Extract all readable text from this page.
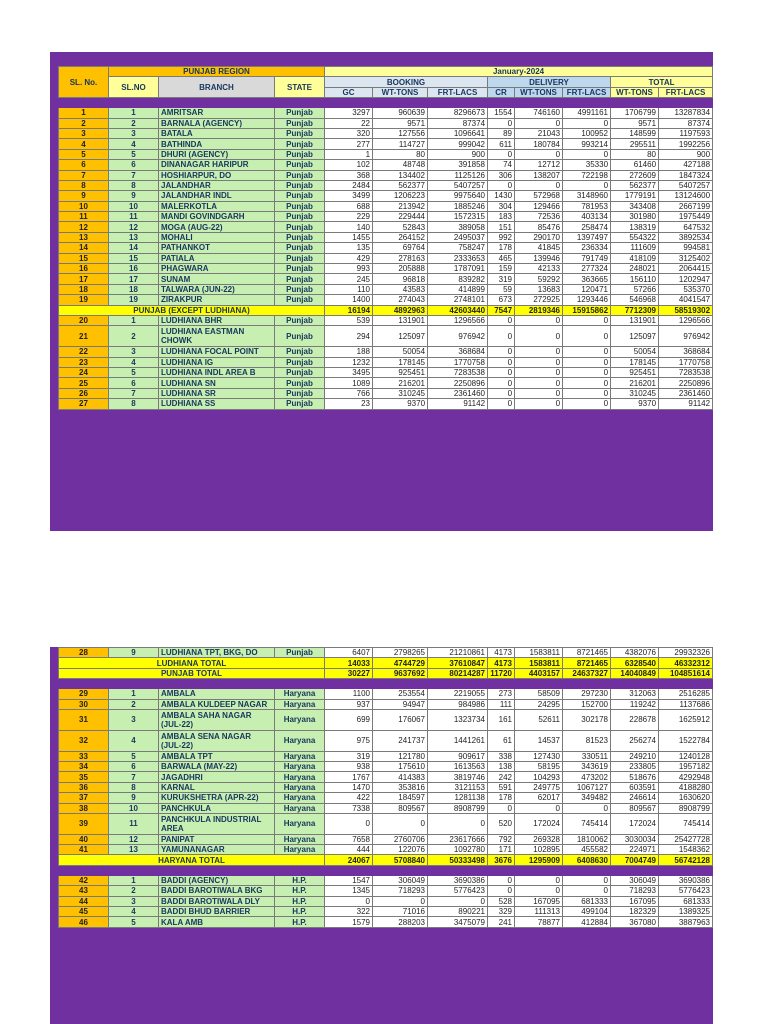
SL. No.	PUNJAB REGION			January-2024							
	SL.NO	BRANCH	STATE	BOOKING			DELIVERY			TOTAL	
				GC	WT-TONS	FRT-LACS	CR	WT-TONS	FRT-LACS	WT-TONS	FRT-LACS

1	1	AMRITSAR	Punjab	3297	960639	8296673	1554	746160	4991161	1706799	13287834
2	2	BARNALA (AGENCY)	Punjab	22	9571	87374	0	0	0	9571	87374
3	3	BATALA	Punjab	320	127556	1096641	89	21043	100952	148599	1197593
4	4	BATHINDA	Punjab	277	114727	999042	611	180784	993214	295511	1992256
5	5	DHURI (AGENCY)	Punjab	1	80	900	0	0	0	80	900
6	6	DINANAGAR HARIPUR	Punjab	102	48748	391858	74	12712	35330	61460	427188
7	7	HOSHIARPUR, DO	Punjab	368	134402	1125126	306	138207	722198	272609	1847324
8	8	JALANDHAR	Punjab	2484	562377	5407257	0	0	0	562377	5407257
9	9	JALANDHAR INDL	Punjab	3499	1206223	9975640	1430	572968	3148960	1779191	13124600
10	10	MALERKOTLA	Punjab	688	213942	1885246	304	129466	781953	343408	2667199
11	11	MANDI GOVINDGARH	Punjab	229	229444	1572315	183	72536	403134	301980	1975449
12	12	MOGA (AUG-22)	Punjab	140	52843	389058	151	85476	258474	138319	647532
13	13	MOHALI	Punjab	1455	264152	2495037	992	290170	1397497	554322	3892534
14	14	PATHANKOT	Punjab	135	69764	758247	178	41845	236334	111609	994581
15	15	PATIALA	Punjab	429	278163	2333653	465	139946	791749	418109	3125402
16	16	PHAGWARA	Punjab	993	205888	1787091	159	42133	277324	248021	2064415
17	17	SUNAM	Punjab	245	96818	839282	319	59292	363665	156110	1202947
18	18	TALWARA (JUN-22)	Punjab	110	43583	414899	59	13683	120471	57266	535370
19	19	ZIRAKPUR	Punjab	1400	274043	2748101	673	272925	1293446	546968	4041547
PUNJAB (EXCEPT LUDHIANA)				16194	4892963	42603440	7547	2819346	15915862	7712309	58519302
20	1	LUDHIANA BHR	Punjab	539	131901	1296566	0	0	0	131901	1296566
21	2	LUDHIANA EASTMAN CHOWK	Punjab	294	125097	976942	0	0	0	125097	976942
22	3	LUDHIANA FOCAL POINT	Punjab	188	50054	368684	0	0	0	50054	368684
23	4	LUDHIANA IG	Punjab	1232	178145	1770758	0	0	0	178145	1770758
24	5	LUDHIANA INDL AREA B	Punjab	3495	925451	7283538	0	0	0	925451	7283538
25	6	LUDHIANA SN	Punjab	1089	216201	2250896	0	0	0	216201	2250896
26	7	LUDHIANA SR	Punjab	766	310245	2361460	0	0	0	310245	2361460
27	8	LUDHIANA SS	Punjab	23	9370	91142	0	0	0	9370	91142
28	9	LUDHIANA TPT, BKG, DO	Punjab	6407	2798265	21210861	4173	1583811	8721465	4382076	29932326
LUDHIANA TOTAL				14033	4744729	37610847	4173	1583811	8721465	6328540	46332312
PUNJAB TOTAL				30227	9637692	80214287	11720	4403157	24637327	14040849	104851614

29	1	AMBALA	Haryana	1100	253554	2219055	273	58509	297230	312063	2516285
30	2	AMBALA KULDEEP NAGAR	Haryana	937	94947	984986	111	24295	152700	119242	1137686
31	3	AMBALA SAHA NAGAR (JUL-22)	Haryana	699	176067	1323734	161	52611	302178	228678	1625912
32	4	AMBALA SENA NAGAR (JUL-22)	Haryana	975	241737	1441261	61	14537	81523	256274	1522784
33	5	AMBALA TPT	Haryana	319	121780	909617	338	127430	330511	249210	1240128
34	6	BARWALA (MAY-22)	Haryana	938	175610	1613563	138	58195	343619	233805	1957182
35	7	JAGADHRI	Haryana	1767	414383	3819746	242	104293	473202	518676	4292948
36	8	KARNAL	Haryana	1470	353816	3121153	591	249775	1067127	603591	4188280
37	9	KURUKSHETRA (APR-22)	Haryana	422	184597	1281138	178	62017	349482	246614	1630620
38	10	PANCHKULA	Haryana	7338	809567	8908799	0	0	0	809567	8908799
39	11	PANCHKULA INDUSTRIAL AREA	Haryana	0	0	0	520	172024	745414	172024	745414
40	12	PANIPAT	Haryana	7658	2760706	23617666	792	269328	1810062	3030034	25427728
41	13	YAMUNANAGAR	Haryana	444	122076	1092780	171	102895	455582	224971	1548362
HARYANA TOTAL				24067	5708840	50333498	3676	1295909	6408630	7004749	56742128

42	1	BADDI (AGENCY)	H.P.	1547	306049	3690386	0	0	0	306049	3690386
43	2	BADDI BAROTIWALA BKG	H.P.	1345	718293	5776423	0	0	0	718293	5776423
44	3	BADDI BAROTIWALA DLY	H.P.	0	0	0	528	167095	681333	167095	681333
45	4	BADDI BHUD BARRIER	H.P.	322	71016	890221	329	111313	499104	182329	1389325
46	5	KALA AMB	H.P.	1579	288203	3475079	241	78877	412884	367080	3887963
